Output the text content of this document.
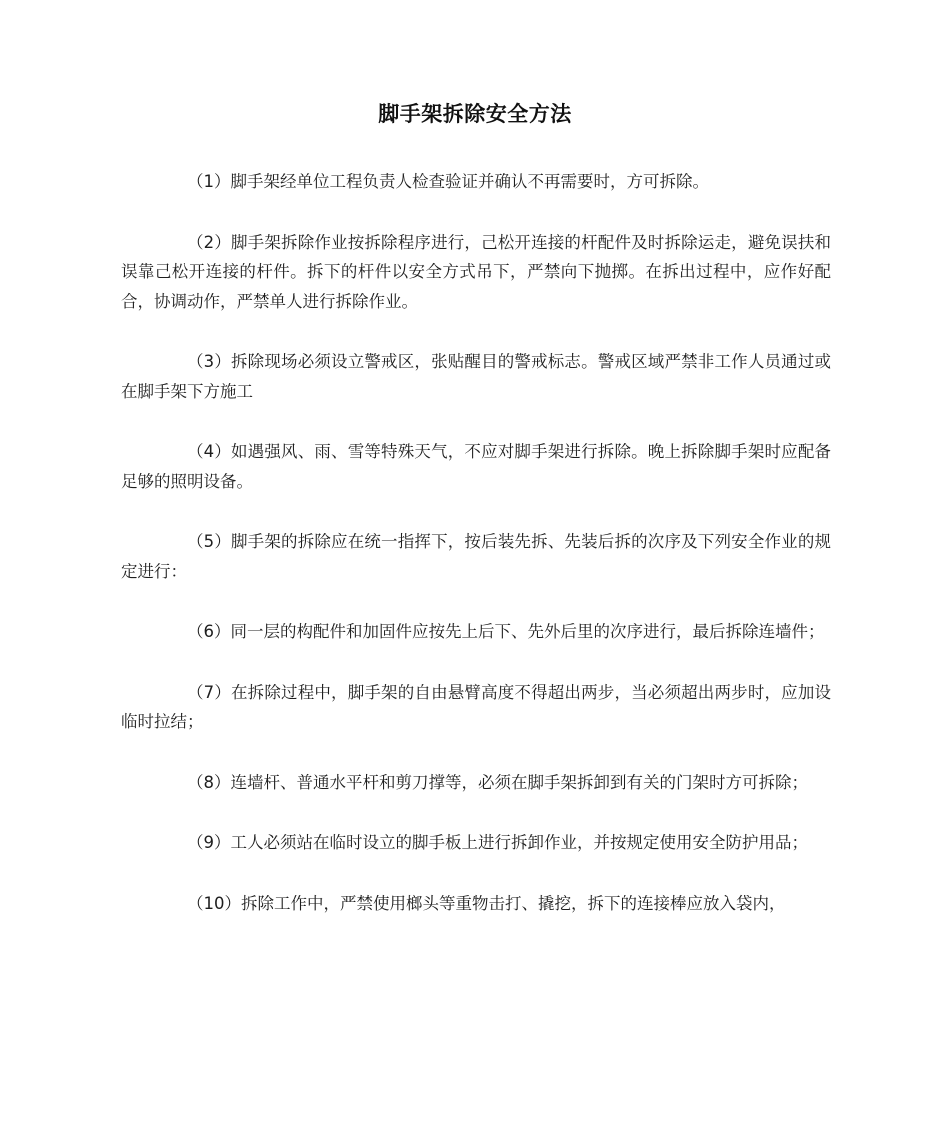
脚手架拆除安全方法

（1）脚手架经单位工程负责人检查验证并确认不再需要时，方可拆除。

（2）脚手架拆除作业按拆除程序进行，己松开连接的杆配件及时拆除运走，避免误扶和误靠己松开连接的杆件。拆下的杆件以安全方式吊下，严禁向下抛掷。在拆出过程中，应作好配合，协调动作，严禁单人进行拆除作业。

（3）拆除现场必须设立警戒区，张贴醒目的警戒标志。警戒区域严禁非工作人员通过或在脚手架下方施工

（4）如遇强风、雨、雪等特殊天气，不应对脚手架进行拆除。晚上拆除脚手架时应配备足够的照明设备。

（5）脚手架的拆除应在统一指挥下，按后装先拆、先装后拆的次序及下列安全作业的规定进行：

（6）同一层的构配件和加固件应按先上后下、先外后里的次序进行，最后拆除连墙件；

（7）在拆除过程中，脚手架的自由悬臂高度不得超出两步，当必须超出两步时，应加设临时拉结；

（8）连墙杆、普通水平杆和剪刀撑等，必须在脚手架拆卸到有关的门架时方可拆除；

（9）工人必须站在临时设立的脚手板上进行拆卸作业，并按规定使用安全防护用品；

（10）拆除工作中，严禁使用榔头等重物击打、撬挖，拆下的连接棒应放入袋内，
